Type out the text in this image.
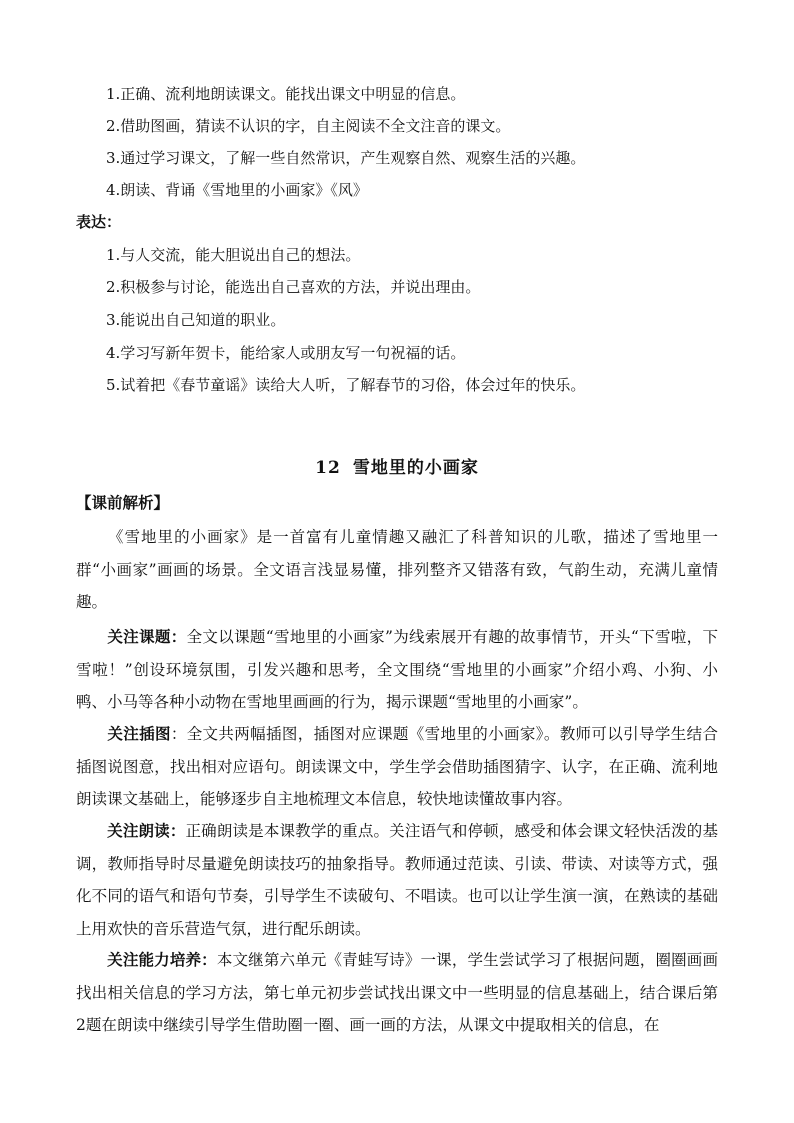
1.正确、流利地朗读课文。能找出课文中明显的信息。
2.借助图画，猜读不认识的字，自主阅读不全文注音的课文。
3.通过学习课文，了解一些自然常识，产生观察自然、观察生活的兴趣。
4.朗读、背诵《雪地里的小画家》《风》
表达：
1.与人交流，能大胆说出自己的想法。
2.积极参与讨论，能选出自己喜欢的方法，并说出理由。
3.能说出自己知道的职业。
4.学习写新年贺卡，能给家人或朋友写一句祝福的话。
5.试着把《春节童谣》读给大人听，了解春节的习俗，体会过年的快乐。
12 雪地里的小画家
【课前解析】
《雪地里的小画家》是一首富有儿童情趣又融汇了科普知识的儿歌，描述了雪地里一群“小画家”画画的场景。全文语言浅显易懂，排列整齐又错落有致，气韵生动，充满儿童情趣。
关注课题：全文以课题“雪地里的小画家”为线索展开有趣的故事情节，开头“下雪啦，下雪啦！”创设环境氛围，引发兴趣和思考，全文围绕“雪地里的小画家”介绍小鸡、小狗、小鸭、小马等各种小动物在雪地里画画的行为，揭示课题“雪地里的小画家”。
关注插图：全文共两幅插图，插图对应课题《雪地里的小画家》。教师可以引导学生结合插图说图意，找出相对应语句。朗读课文中，学生学会借助插图猜字、认字，在正确、流利地朗读课文基础上，能够逐步自主地梳理文本信息，较快地读懂故事内容。
关注朗读：正确朗读是本课教学的重点。关注语气和停顿，感受和体会课文轻快活泼的基调，教师指导时尽量避免朗读技巧的抽象指导。教师通过范读、引读、带读、对读等方式，强化不同的语气和语句节奏，引导学生不读破句、不唱读。也可以让学生演一演，在熟读的基础上用欢快的音乐营造气氛，进行配乐朗读。
关注能力培养：本文继第六单元《青蛙写诗》一课，学生尝试学习了根据问题，圈圈画画找出相关信息的学习方法，第七单元初步尝试找出课文中一些明显的信息基础上，结合课后第2题在朗读中继续引导学生借助圈一圈、画一画的方法，从课文中提取相关的信息，在
